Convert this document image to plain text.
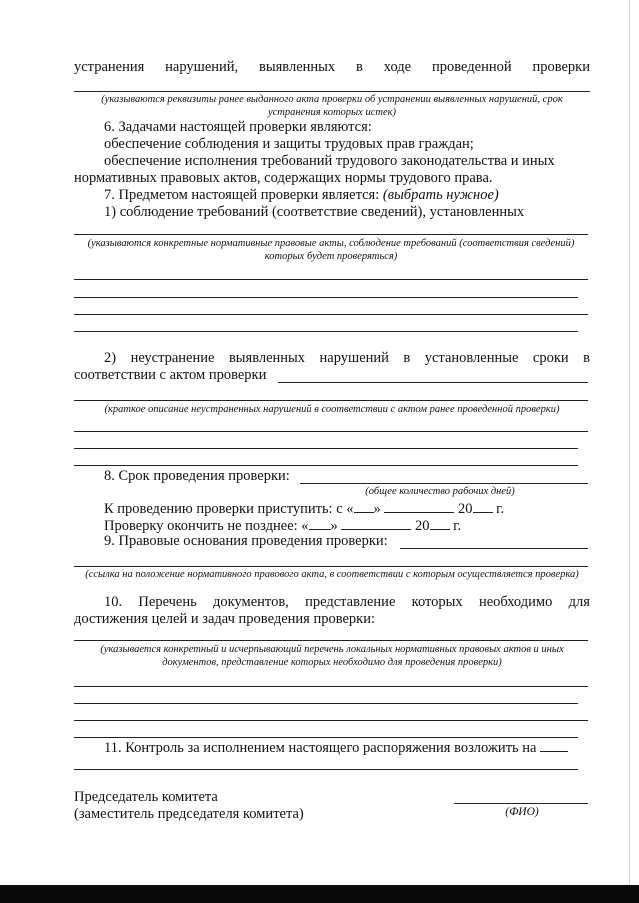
устранения нарушений, выявленных в ходе проведенной проверки
(указываются реквизиты ранее выданного акта проверки об устранении выявленных нарушений, срок устранения которых истек)
6. Задачами настоящей проверки являются:
обеспечение соблюдения и защиты трудовых прав граждан;
обеспечение исполнения требований трудового законодательства и иных
нормативных правовых актов, содержащих нормы трудового права.
7. Предметом настоящей проверки является: (выбрать нужное)
1) соблюдение требований (соответствие сведений), установленных
(указываются конкретные нормативные правовые акты, соблюдение требований (соответствия сведений) которых будет проверяться)
2) неустранение выявленных нарушений в установленные сроки в
соответствии с актом проверки
(краткое описание неустраненных нарушений в соответствии с актом ранее проведенной проверки)
8. Срок проведения проверки:
(общее количество рабочих дней)
К проведению проверки приступить: с « »	20 г.
Проверку окончить не позднее: « »	20 г.
9. Правовые основания проведения проверки:
(ссылка на положение нормативного правового акта, в соответствии с которым осуществляется проверка)
10. Перечень документов, представление которых необходимо для
достижения целей и задач проведения проверки:
(указывается конкретный и исчерпывающий перечень локальных нормативных правовых актов и иных документов, представление которых необходимо для проведения проверки)
11. Контроль за исполнением настоящего распоряжения возложить на
Председатель комитета
(заместитель председателя комитета)	(ФИО)
